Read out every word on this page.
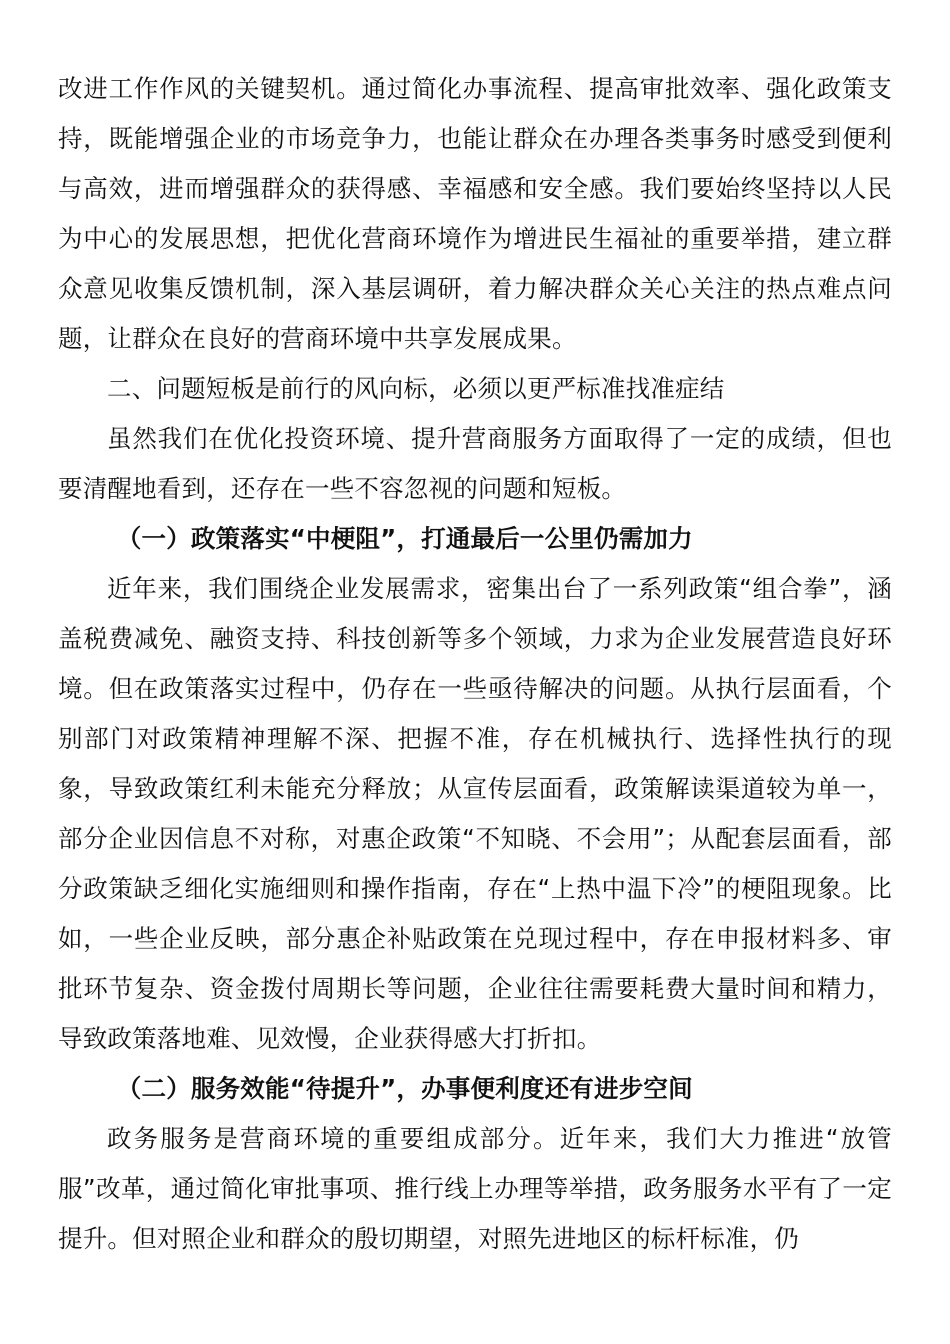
改进工作作风的关键契机。通过简化办事流程、提高审批效率、强化政策支持，既能增强企业的市场竞争力，也能让群众在办理各类事务时感受到便利与高效，进而增强群众的获得感、幸福感和安全感。我们要始终坚持以人民为中心的发展思想，把优化营商环境作为增进民生福祉的重要举措，建立群众意见收集反馈机制，深入基层调研，着力解决群众关心关注的热点难点问题，让群众在良好的营商环境中共享发展成果。

二、问题短板是前行的风向标，必须以更严标准找准症结

虽然我们在优化投资环境、提升营商服务方面取得了一定的成绩，但也要清醒地看到，还存在一些不容忽视的问题和短板。

（一）政策落实“中梗阻”，打通最后一公里仍需加力

近年来，我们围绕企业发展需求，密集出台了一系列政策“组合拳”，涵盖税费减免、融资支持、科技创新等多个领域，力求为企业发展营造良好环境。但在政策落实过程中，仍存在一些亟待解决的问题。从执行层面看，个别部门对政策精神理解不深、把握不准，存在机械执行、选择性执行的现象，导致政策红利未能充分释放；从宣传层面看，政策解读渠道较为单一，部分企业因信息不对称，对惠企政策“不知晓、不会用”；从配套层面看，部分政策缺乏细化实施细则和操作指南，存在“上热中温下冷”的梗阻现象。比如，一些企业反映，部分惠企补贴政策在兑现过程中，存在申报材料多、审批环节复杂、资金拨付周期长等问题，企业往往需要耗费大量时间和精力，导致政策落地难、见效慢，企业获得感大打折扣。

（二）服务效能“待提升”，办事便利度还有进步空间

政务服务是营商环境的重要组成部分。近年来，我们大力推进“放管服”改革，通过简化审批事项、推行线上办理等举措，政务服务水平有了一定提升。但对照企业和群众的殷切期望，对照先进地区的标杆标准，仍
